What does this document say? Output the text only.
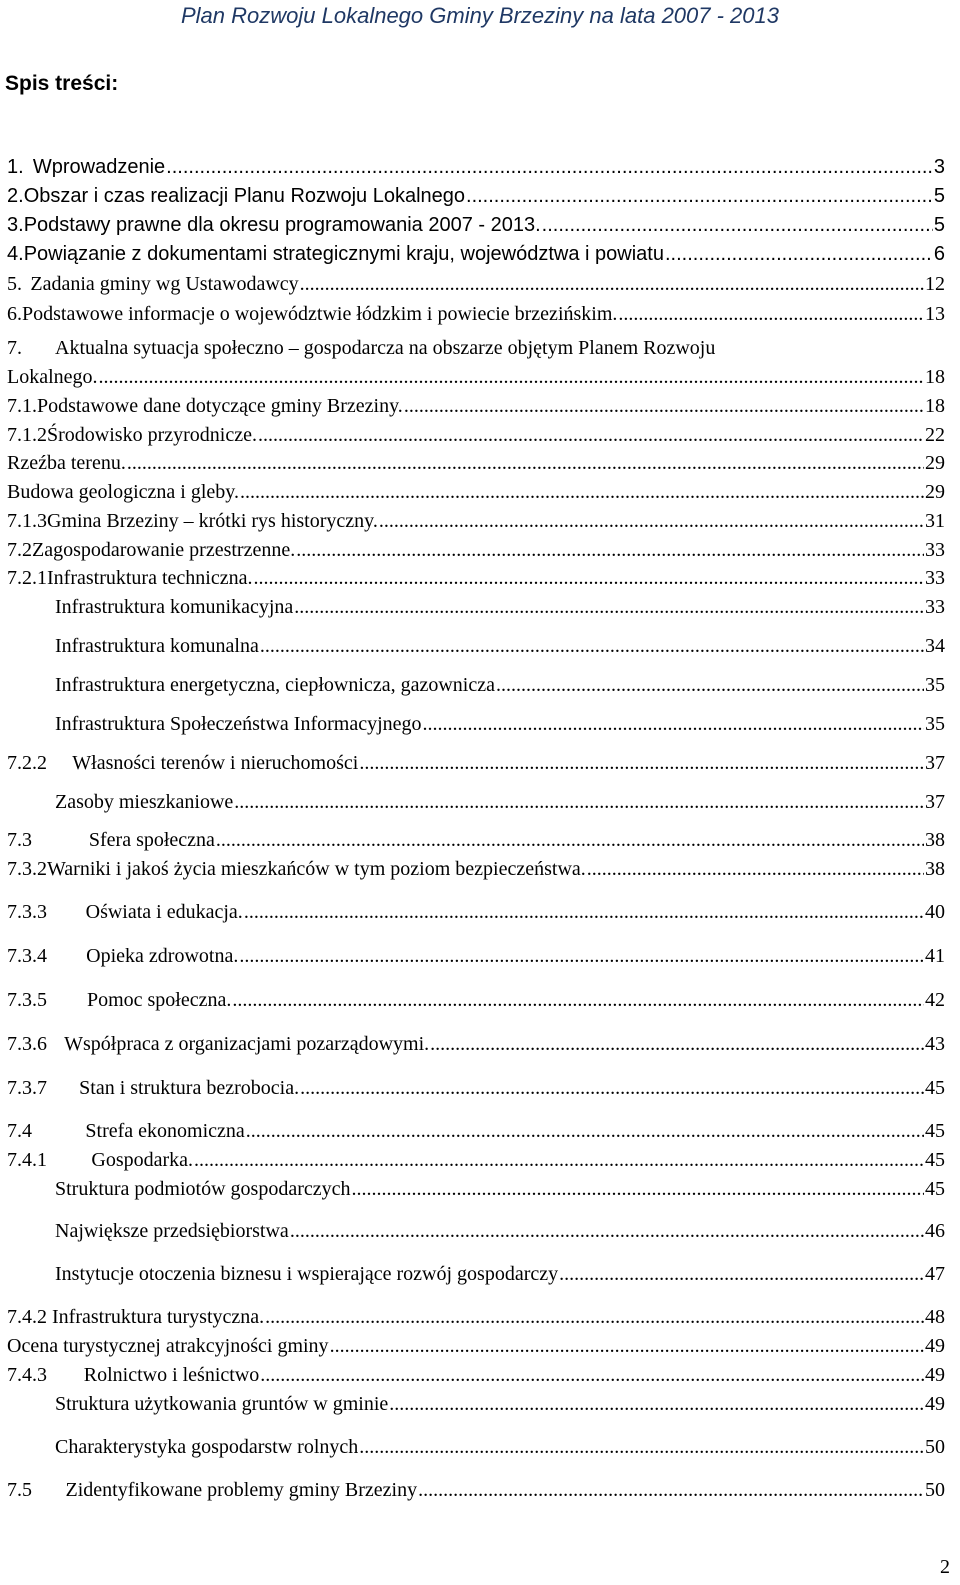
Plan Rozwoju Lokalnego Gminy Brzeziny na lata 2007 - 2013
Spis treści:
1. Wprowadzenie .....	3
2. Obszar i czas realizacji Planu Rozwoju Lokalnego .....	5
3. Podstawy prawne dla okresu programowania 2007 - 2013. .....	5
4. Powiązanie z dokumentami strategicznymi kraju, województwa i powiatu .....	6
5. Zadania gminy wg Ustawodawcy .....	12
6. Podstawowe informacje o województwie łódzkim i powiecie brzezińskim. .....	13
7.	Aktualna sytuacja społeczno – gospodarcza na obszarze objętym Planem Rozwoju
Lokalnego. .....	18
7.1. Podstawowe dane dotyczące gminy Brzeziny. .....	18
7.1.2 Środowisko przyrodnicze. .....	22
Rzeźba terenu. .....	29
Budowa geologiczna i gleby. .....	29
7.1.3 Gmina Brzeziny – krótki rys historyczny. .....	31
7.2 Zagospodarowanie przestrzenne. .....	33
7.2.1 Infrastruktura techniczna. .....	33
Infrastruktura komunikacyjna .....	33
Infrastruktura komunalna .....	34
Infrastruktura energetyczna, ciepłownicza, gazownicza .....	35
Infrastruktura Społeczeństwa Informacyjnego .....	35
7.2.2	Własności terenów i nieruchomości .....	37
Zasoby mieszkaniowe .....	37
7.3	Sfera społeczna .....	38
7.3.2 Warniki i jakoś życia mieszkańców w tym poziom bezpieczeństwa. .....	38
7.3.3	Oświata i edukacja. .....	40
7.3.4	Opieka zdrowotna. .....	41
7.3.5	Pomoc społeczna. .....	42
7.3.6 Współpraca z organizacjami pozarządowymi. .....	43
7.3.7	Stan i struktura bezrobocia. .....	45
7.4	Strefa ekonomiczna .....	45
7.4.1	Gospodarka. .....	45
Struktura podmiotów gospodarczych .....	45
Największe przedsiębiorstwa .....	46
Instytucje otoczenia biznesu i wspierające rozwój gospodarczy .....	47
7.4.2 Infrastruktura turystyczna. .....	48
Ocena turystycznej atrakcyjności gminy .....	49
7.4.3	Rolnictwo i leśnictwo .....	49
Struktura użytkowania gruntów w gminie .....	49
Charakterystyka gospodarstw rolnych .....	50
7.5	Zidentyfikowane problemy gminy Brzeziny .....	50
2
